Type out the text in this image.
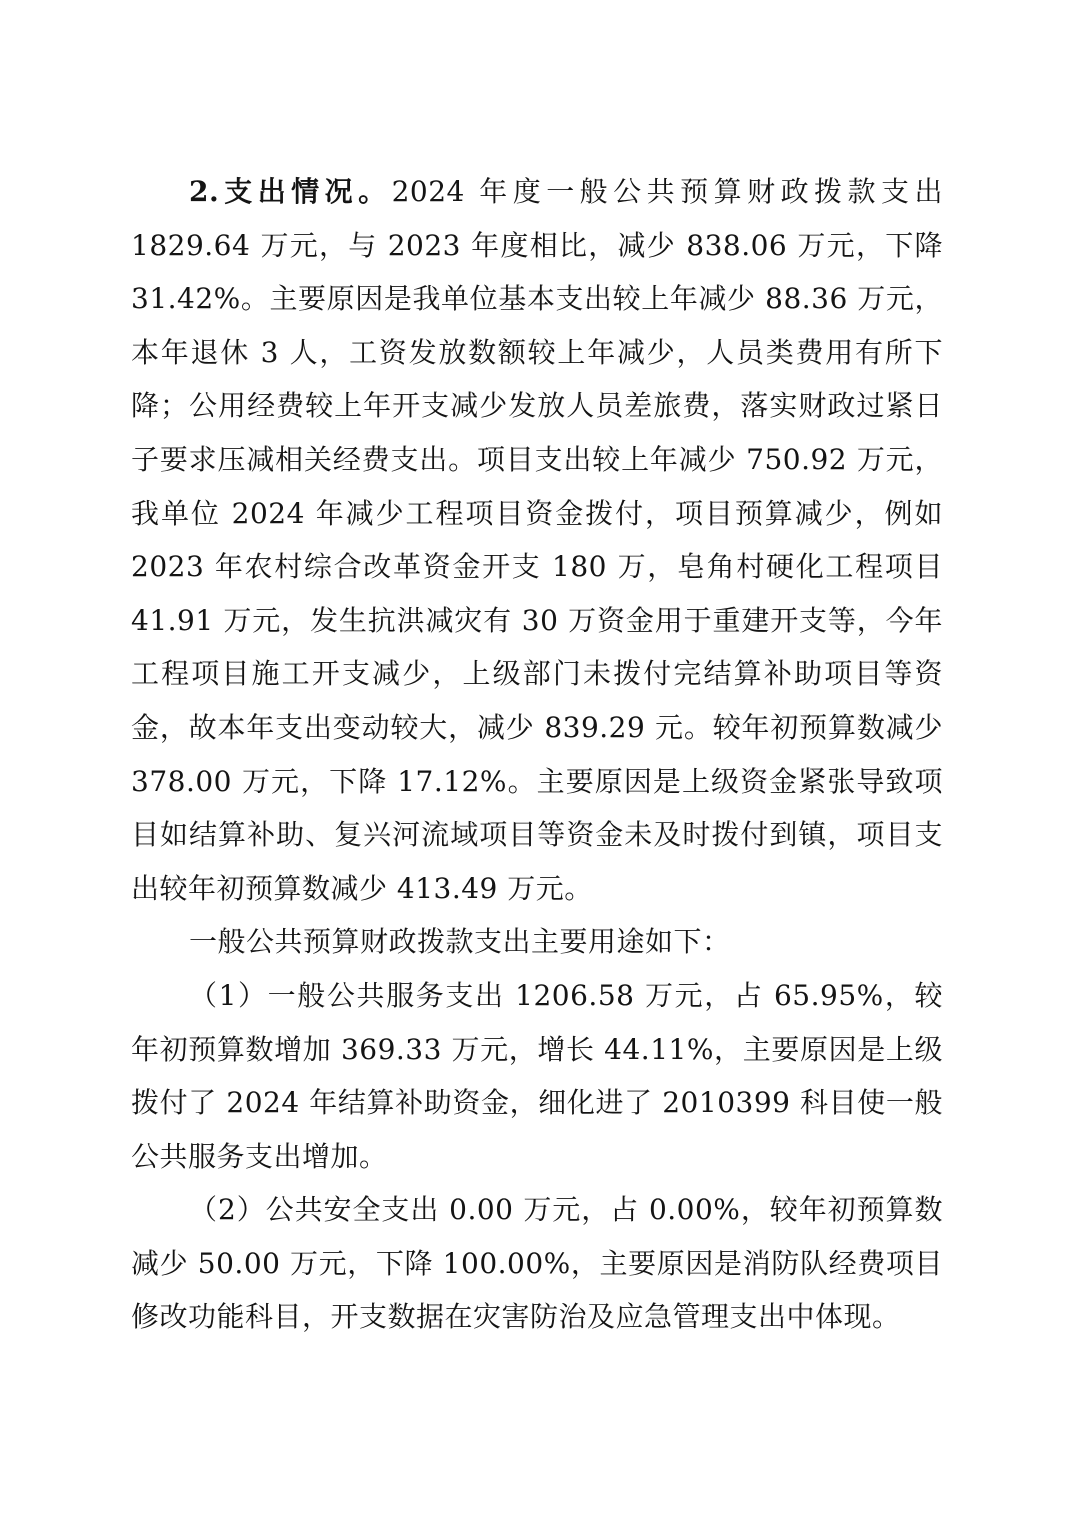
2.支出情况。2024 年度一般公共预算财政拨款支出 1829.64 万元，与 2023 年度相比，减少 838.06 万元，下降 31.42%。主要原因是我单位基本支出较上年减少 88.36 万元，本年退休 3 人，工资发放数额较上年减少，人员类费用有所下降；公用经费较上年开支减少发放人员差旅费，落实财政过紧日子要求压减相关经费支出。项目支出较上年减少 750.92 万元，我单位 2024 年减少工程项目资金拨付，项目预算减少，例如 2023 年农村综合改革资金开支 180 万，皂角村硬化工程项目 41.91 万元，发生抗洪减灾有 30 万资金用于重建开支等，今年工程项目施工开支减少，上级部门未拨付完结算补助项目等资金，故本年支出变动较大，减少 839.29 元。较年初预算数减少 378.00 万元，下降 17.12%。主要原因是上级资金紧张导致项目如结算补助、复兴河流域项目等资金未及时拨付到镇，项目支出较年初预算数减少 413.49 万元。

一般公共预算财政拨款支出主要用途如下：

（1）一般公共服务支出 1206.58 万元，占 65.95%，较年初预算数增加 369.33 万元，增长 44.11%，主要原因是上级拨付了 2024 年结算补助资金，细化进了 2010399 科目使一般公共服务支出增加。

（2）公共安全支出 0.00 万元，占 0.00%，较年初预算数减少 50.00 万元，下降 100.00%，主要原因是消防队经费项目修改功能科目，开支数据在灾害防治及应急管理支出中体现。
